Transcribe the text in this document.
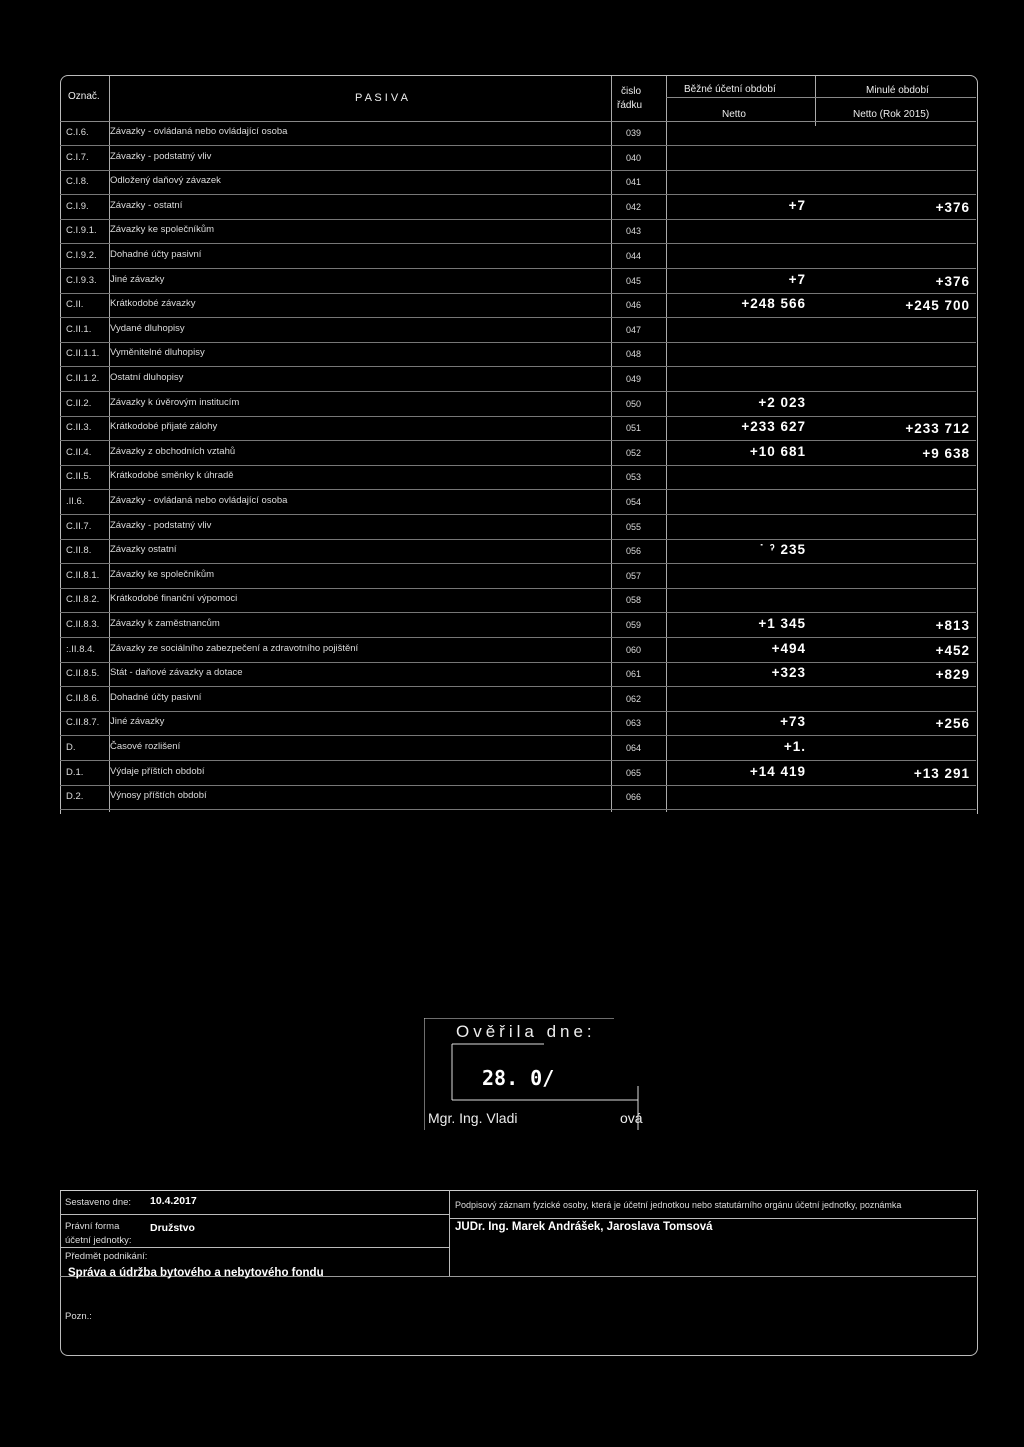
Označ.	P A S I V A
čislo
řádku
Běžné účetní období
Netto
Minulé období
Netto (Rok 2015)
C.I.6. Závazky - ovládaná nebo ovládající osoba	039
C.I.7. Závazky - podstatný vliv	040
C.I.8. Odložený daňový závazek	041
C.I.9. Závazky - ostatní	042	+7	+376
C.I.9.1. Závazky ke společníkům	043
C.I.9.2. Dohadné účty pasivní	044
C.I.9.3. Jiné závazky	045	+7	+376
C.II.	Krátkodobé závazky	046	+248 566	+245 700
C.II.1. Vydané dluhopisy	047
C.II.1.1. Vyměnitelné dluhopisy	048
C.II.1.2. Ostatní dluhopisy	049
C.II.2. Závazky k úvěrovým institucím	050	+2 023
C.II.3. Krátkodobé přijaté zálohy	051	+233 627	+233 712
C.II.4. Závazky z obchodních vztahů	052	+10 681	+9 638
C.II.5. Krátkodobé směnky k úhradě	053
.II.6.	Závazky - ovládaná nebo ovládající osoba	054
C.II.7. Závazky - podstatný vliv	055
C.II.8. Závazky ostatní	056	˙ ˀ 235
C.II.8.1. Závazky ke společníkům	057
C.II.8.2. Krátkodobé finanční výpomoci	058
C.II.8.3. Závazky k zaměstnancům	059	+1 345	+813
:.II.8.4. Závazky ze sociálního zabezpečení a zdravotního pojištění	060	+494	+452
C.II.8.5. Stát - daňové závazky a dotace	061	+323	+829
C.II.8.6. Dohadné účty pasivní	062
C.II.8.7. Jiné závazky	063	+73	+256
D.	Časové rozlišení	064	+1.
D.1.	Výdaje příštích období	065	+14 419	+13 291
D.2.	Výnosy příštích období	066
Ověřila dne:
28. 0/
Mgr. Ing. Vladi	ová
Sestaveno dne: 10.4.2017	Podpisový záznam fyzické osoby, která je účetní jednotkou nebo statutárního orgánu účetní jednotky, poznámka
JUDr. Ing. Marek Andrášek, Jaroslava Tomsová
Právní forma
účetní jednotky:
Družstvo
Předmět podnikání:
Správa a údržba bytového a nebytového fondu
Pozn.:
